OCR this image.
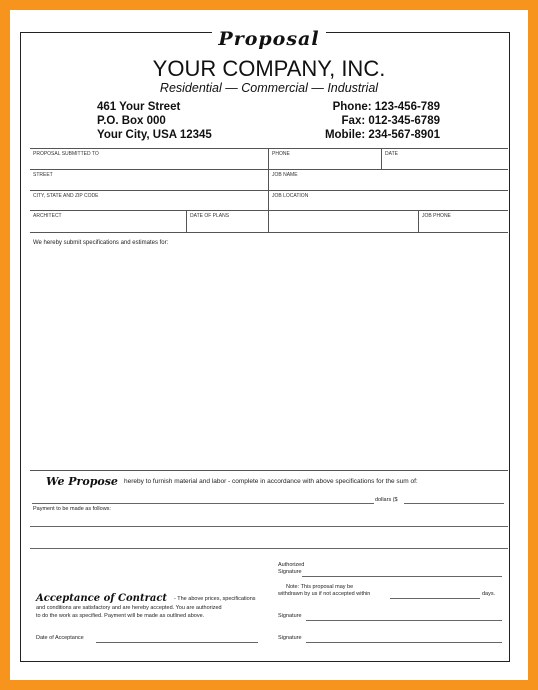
Proposal
YOUR COMPANY, INC.
Residential — Commercial — Industrial
461 Your Street
P.O. Box 000
Your City, USA 12345
Phone: 123-456-789
Fax: 012-345-6789
Mobile: 234-567-8901
PROPOSAL SUBMITTED TO	PHONE	DATE
STREET	JOB NAME
CITY, STATE AND ZIP CODE	JOB LOCATION
ARCHITECT	DATE OF PLANS	JOB PHONE
We hereby submit specifications and estimates for:
We Propose hereby to furnish material and labor - complete in accordance with above specifications for the sum of:
dollars ($
Payment to be made as follows:
Authorized
Signature
Note: This proposal may be
withdrawn by us if not accepted within	days.
Acceptance of Contract - The above prices, specifications
and conditions are satisfactory and are hereby accepted. You are authorized
to do the work as specified. Payment will be made as outlined above.	Signature
Date of Acceptance	Signature
